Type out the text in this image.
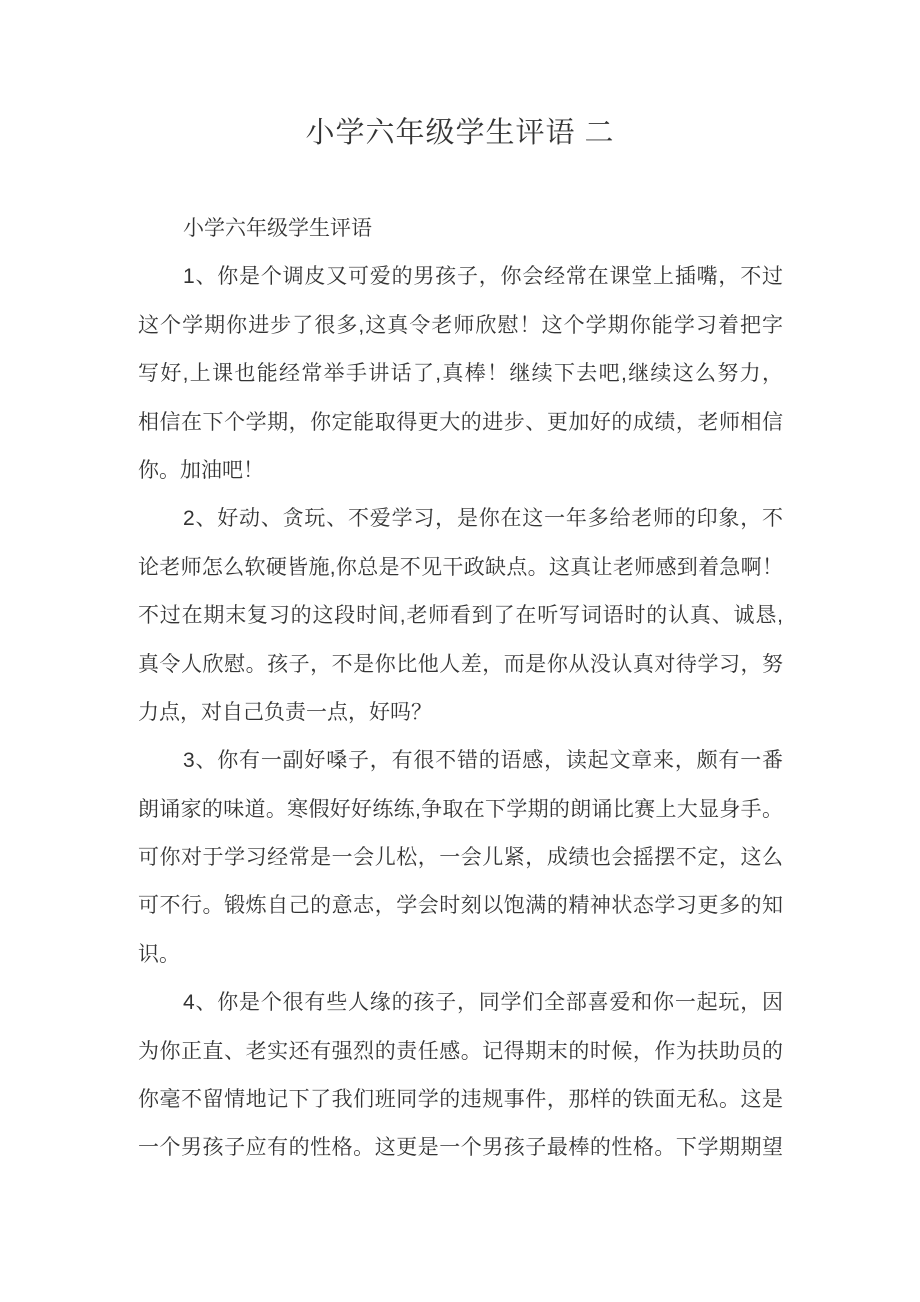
小学六年级学生评语 二
小学六年级学生评语
1、你是个调皮又可爱的男孩子，你会经常在课堂上插嘴，不过
这个学期你进步了很多,这真令老师欣慰！这个学期你能学习着把字
写好,上课也能经常举手讲话了,真棒！继续下去吧,继续这么努力，
相信在下个学期，你定能取得更大的进步、更加好的成绩，老师相信
你。加油吧！
2、好动、贪玩、不爱学习，是你在这一年多给老师的印象，不
论老师怎么软硬皆施,你总是不见干政缺点。这真让老师感到着急啊！
不过在期末复习的这段时间,老师看到了在听写词语时的认真、诚恳,
真令人欣慰。孩子，不是你比他人差，而是你从没认真对待学习，努
力点，对自己负责一点，好吗？
3、你有一副好嗓子，有很不错的语感，读起文章来，颇有一番
朗诵家的味道。寒假好好练练,争取在下学期的朗诵比赛上大显身手。
可你对于学习经常是一会儿松，一会儿紧，成绩也会摇摆不定，这么
可不行。锻炼自己的意志，学会时刻以饱满的精神状态学习更多的知
识。
4、你是个很有些人缘的孩子，同学们全部喜爱和你一起玩，因
为你正直、老实还有强烈的责任感。记得期末的时候，作为扶助员的
你毫不留情地记下了我们班同学的违规事件，那样的铁面无私。这是
一个男孩子应有的性格。这更是一个男孩子最棒的性格。下学期期望
